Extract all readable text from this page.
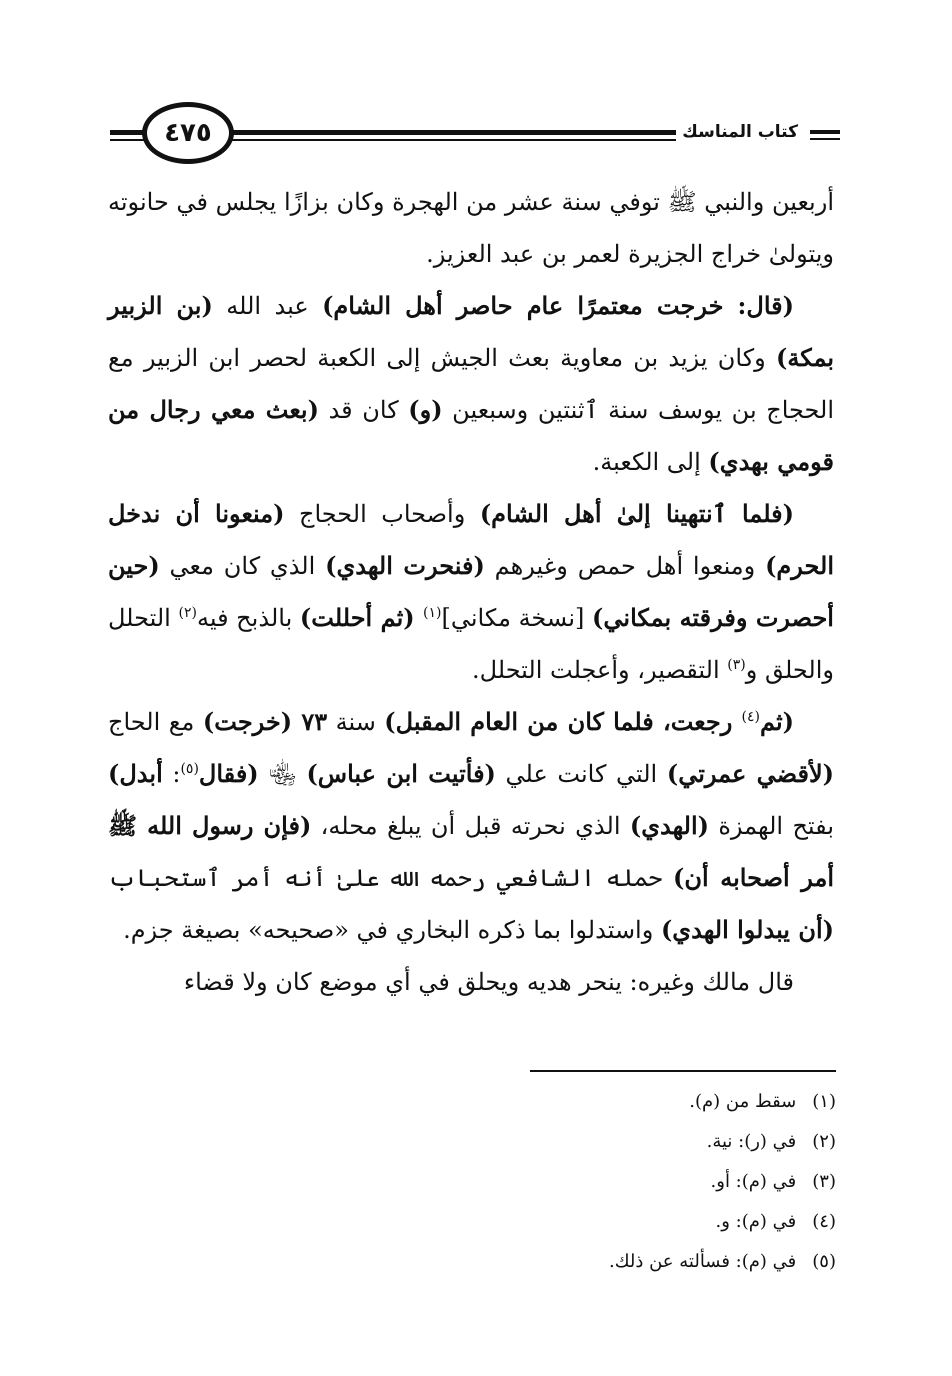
٤٧٥	كتاب المناسك

أربعين والنبي ﷺ توفي سنة عشر من الهجرة وكان بزازًا يجلس في حانوته ويتولىٰ خراج الجزيرة لعمر بن عبد العزيز.

(قال: خرجت معتمرًا عام حاصر أهل الشام) عبد الله (بن الزبير بمكة) وكان يزيد بن معاوية بعث الجيش إلى الكعبة لحصر ابن الزبير مع الحجاج بن يوسف سنة ٱثنتين وسبعين (و) كان قد (بعث معي رجال من قومي بهدي) إلى الكعبة.

(فلما ٱنتهينا إلىٰ أهل الشام) وأصحاب الحجاج (منعونا أن ندخل الحرم) ومنعوا أهل حمص وغيرهم (فنحرت الهدي) الذي كان معي (حين أحصرت وفرقته بمكاني) [نسخة مكاني]$^{(١)}$ (ثم أحللت) بالذبح فيه$^{(٢)}$ التحلل والحلق و$^{(٣)}$ التقصير، وأعجلت التحلل.

(ثم$^{(٤)}$ رجعت، فلما كان من العام المقبل) سنة ٧٣ (خرجت) مع الحاج (لأقضي عمرتي) التي كانت علي (فأتيت ابن عباس) ﵄ (فقال$^{(٥)}$: أبدل) بفتح الهمزة (الهدي) الذي نحرته قبل أن يبلغ محله، (فإن رسول الله ﷺ أمر أصحابه أن) حمله الشافعي رحمه الله علىٰ أنه أمر ٱستحباب (أن يبدلوا الهدي) واستدلوا بما ذكره البخاري في «صحيحه» بصيغة جزم.

قال مالك وغيره: ينحر هديه ويحلق في أي موضع كان ولا قضاء

(١)
سقط من (م).
(٢)
في (ر): نية.
(٣)
في (م): أو.
(٤)
في (م): و.
(٥)
في (م): فسألته عن ذلك.
